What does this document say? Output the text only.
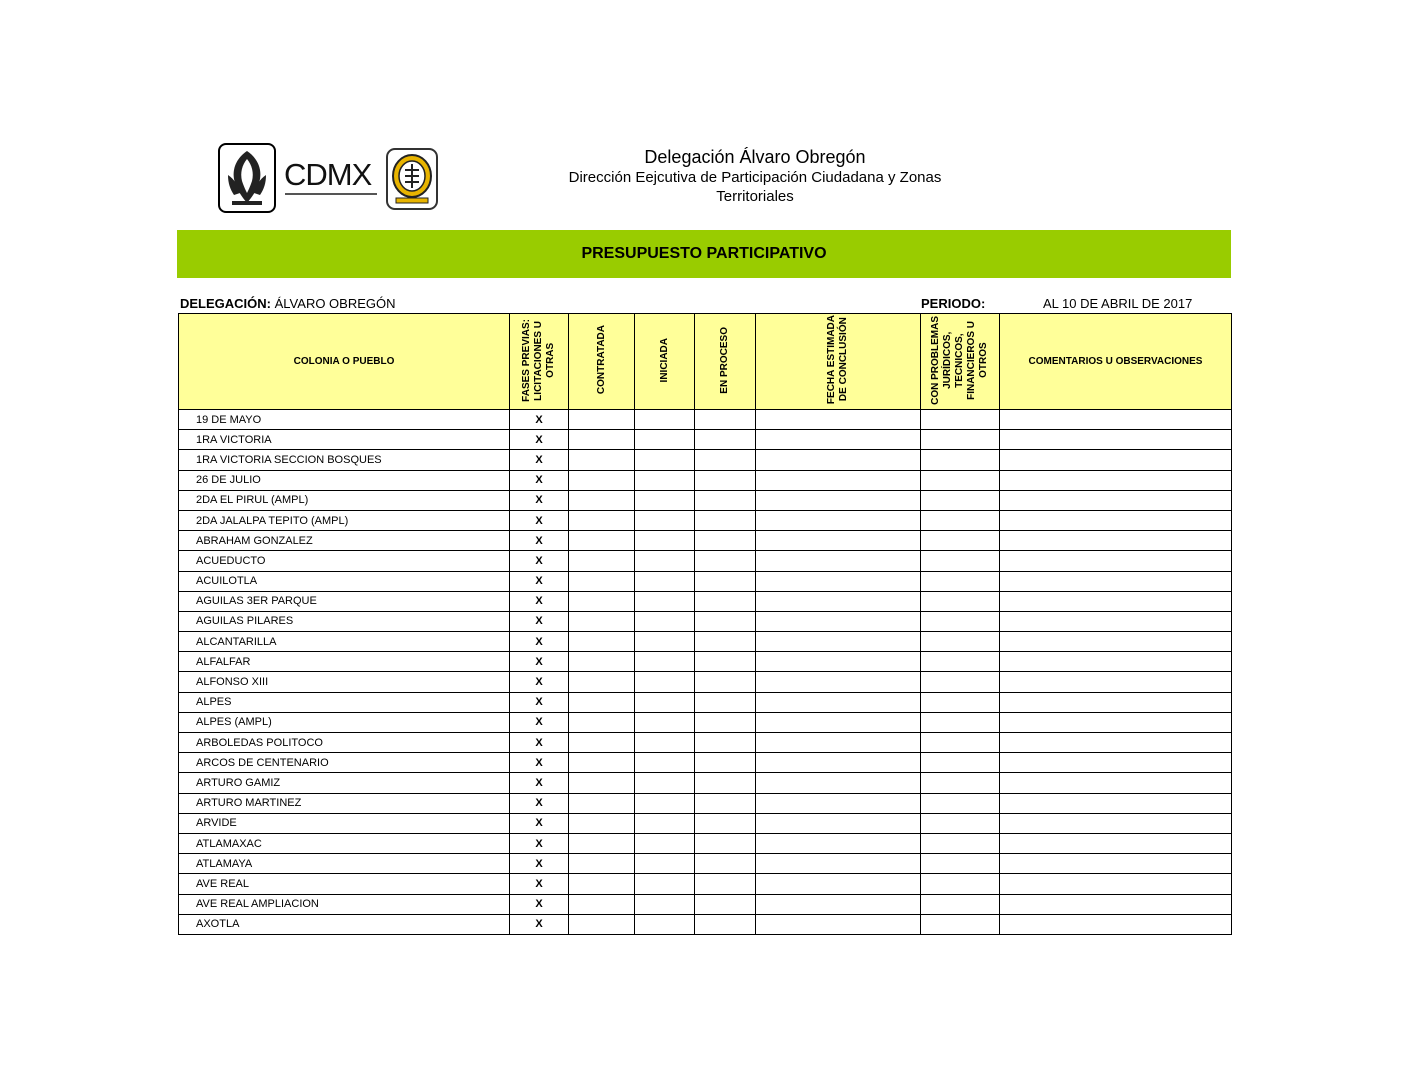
CDMX	Delegación Álvaro Obregón
Dirección Eejcutiva de Participación Ciudadana y Zonas
Territoriales
PRESUPUESTO PARTICIPATIVO
DELEGACIÓN: ÁLVARO OBREGÓN	PERIODO:	AL 10 DE ABRIL DE 2017
COLONIA O PUEBLO	FASES PREVIAS:
LICITACIONES U
OTRAS	CONTRATADA	INICIADA	EN PROCESO	FECHA ESTIMADA
DE CONCLUSIÓN	CON PROBLEMAS
JURÍDICOS,
TECNICOS,
FINANCIEROS U
OTROS	COMENTARIOS U OBSERVACIONES
19 DE MAYO	X						
1RA VICTORIA	X						
1RA VICTORIA SECCION BOSQUES	X						
26 DE JULIO	X						
2DA EL PIRUL (AMPL)	X						
2DA JALALPA TEPITO (AMPL)	X						
ABRAHAM GONZALEZ	X						
ACUEDUCTO	X						
ACUILOTLA	X						
AGUILAS 3ER PARQUE	X						
AGUILAS PILARES	X						
ALCANTARILLA	X						
ALFALFAR	X						
ALFONSO XIII	X						
ALPES	X						
ALPES (AMPL)	X						
ARBOLEDAS POLITOCO	X						
ARCOS DE CENTENARIO	X						
ARTURO GAMIZ	X						
ARTURO MARTINEZ	X						
ARVIDE	X						
ATLAMAXAC	X						
ATLAMAYA	X						
AVE REAL	X						
AVE REAL AMPLIACION	X						
AXOTLA	X						
